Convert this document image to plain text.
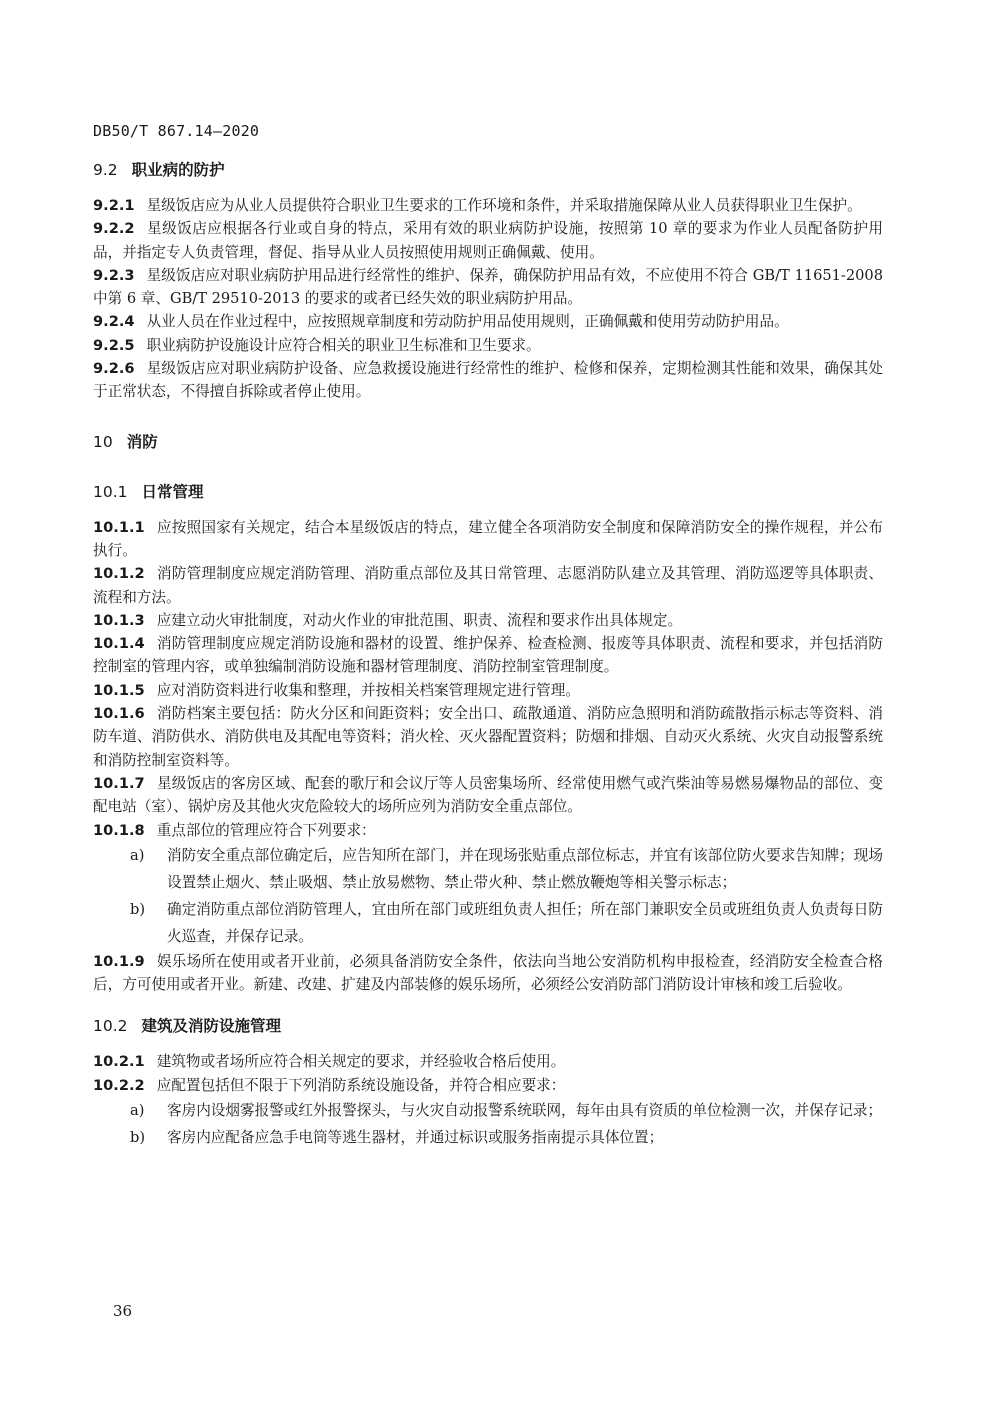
DB50/T 867.14—2020
9.2 职业病的防护

9.2.1 星级饭店应为从业人员提供符合职业卫生要求的工作环境和条件，并采取措施保障从业人员获得职业卫生保护。

9.2.2 星级饭店应根据各行业或自身的特点，采用有效的职业病防护设施，按照第 10 章的要求为作业人员配备防护用品，并指定专人负责管理，督促、指导从业人员按照使用规则正确佩戴、使用。

9.2.3 星级饭店应对职业病防护用品进行经常性的维护、保养，确保防护用品有效，不应使用不符合 GB/T 11651-2008 中第 6 章、GB/T 29510-2013 的要求的或者已经失效的职业病防护用品。

9.2.4 从业人员在作业过程中，应按照规章制度和劳动防护用品使用规则，正确佩戴和使用劳动防护用品。

9.2.5 职业病防护设施设计应符合相关的职业卫生标准和卫生要求。

9.2.6 星级饭店应对职业病防护设备、应急救援设施进行经常性的维护、检修和保养，定期检测其性能和效果，确保其处于正常状态，不得擅自拆除或者停止使用。

10 消防
10.1 日常管理

10.1.1 应按照国家有关规定，结合本星级饭店的特点，建立健全各项消防安全制度和保障消防安全的操作规程，并公布执行。

10.1.2 消防管理制度应规定消防管理、消防重点部位及其日常管理、志愿消防队建立及其管理、消防巡逻等具体职责、流程和方法。

10.1.3 应建立动火审批制度，对动火作业的审批范围、职责、流程和要求作出具体规定。

10.1.4 消防管理制度应规定消防设施和器材的设置、维护保养、检查检测、报废等具体职责、流程和要求，并包括消防控制室的管理内容，或单独编制消防设施和器材管理制度、消防控制室管理制度。

10.1.5 应对消防资料进行收集和整理，并按相关档案管理规定进行管理。

10.1.6 消防档案主要包括：防火分区和间距资料；安全出口、疏散通道、消防应急照明和消防疏散指示标志等资料、消防车道、消防供水、消防供电及其配电等资料；消火栓、灭火器配置资料；防烟和排烟、自动灭火系统、火灾自动报警系统和消防控制室资料等。

10.1.7 星级饭店的客房区域、配套的歌厅和会议厅等人员密集场所、经常使用燃气或汽柴油等易燃易爆物品的部位、变配电站（室）、锅炉房及其他火灾危险较大的场所应列为消防安全重点部位。

10.1.8 重点部位的管理应符合下列要求：

a) 消防安全重点部位确定后，应告知所在部门，并在现场张贴重点部位标志，并宜有该部位防火要求告知牌；现场设置禁止烟火、禁止吸烟、禁止放易燃物、禁止带火种、禁止燃放鞭炮等相关警示标志；

b) 确定消防重点部位消防管理人，宜由所在部门或班组负责人担任；所在部门兼职安全员或班组负责人负责每日防火巡查，并保存记录。

10.1.9 娱乐场所在使用或者开业前，必须具备消防安全条件，依法向当地公安消防机构申报检查，经消防安全检查合格后，方可使用或者开业。新建、改建、扩建及内部装修的娱乐场所，必须经公安消防部门消防设计审核和竣工后验收。

10.2 建筑及消防设施管理

10.2.1 建筑物或者场所应符合相关规定的要求，并经验收合格后使用。

10.2.2 应配置包括但不限于下列消防系统设施设备，并符合相应要求：

a) 客房内设烟雾报警或红外报警探头，与火灾自动报警系统联网，每年由具有资质的单位检测一次，并保存记录；

b) 客房内应配备应急手电筒等逃生器材，并通过标识或服务指南提示具体位置；

36
